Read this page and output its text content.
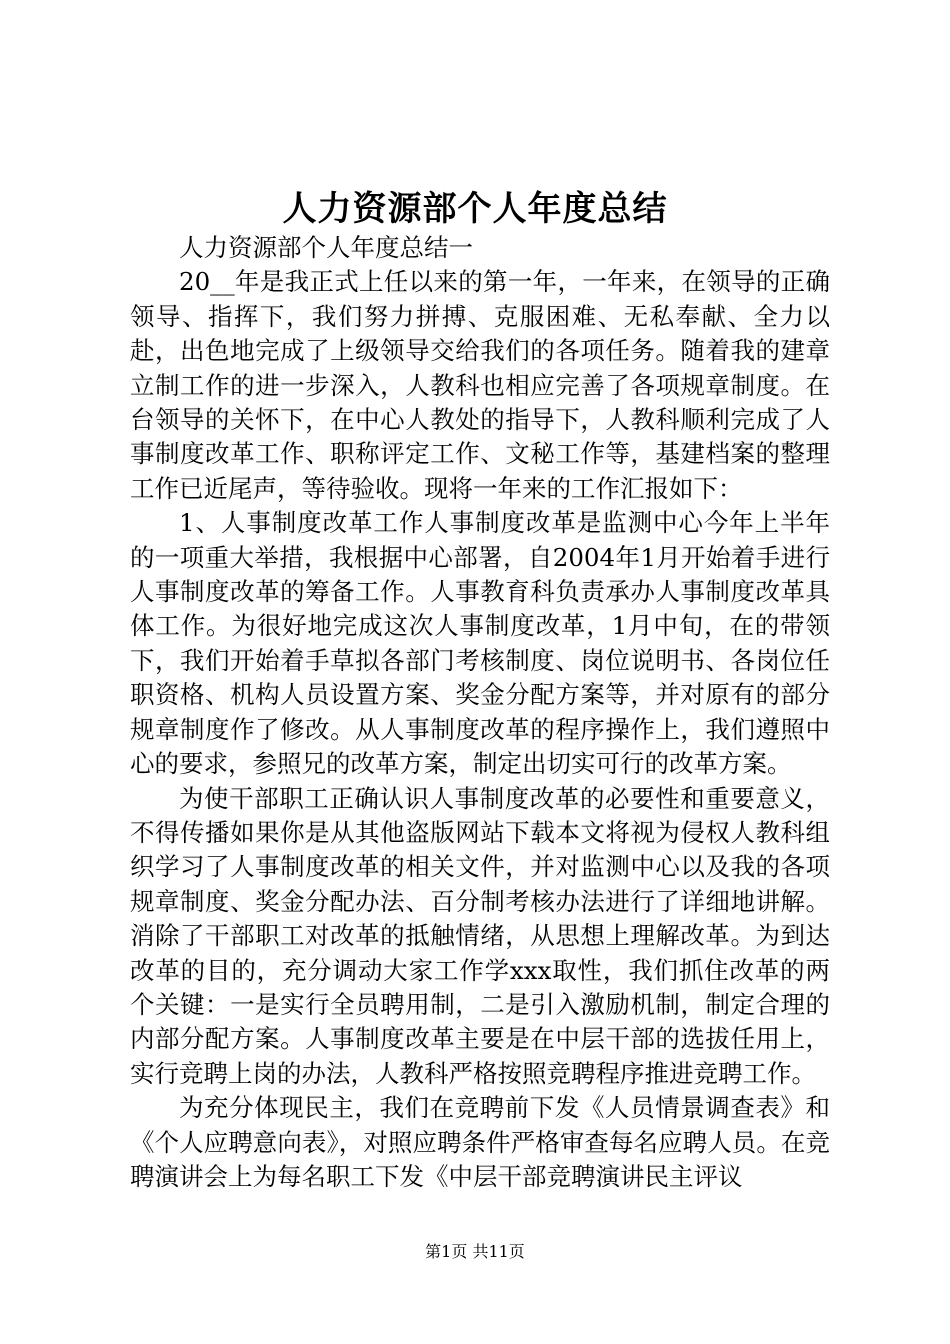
人力资源部个人年度总结

人力资源部个人年度总结一

20__年是我正式上任以来的第一年，一年来，在领导的正确领导、指挥下，我们努力拼搏、克服困难、无私奉献、全力以赴，出色地完成了上级领导交给我们的各项任务。随着我的建章立制工作的进一步深入，人教科也相应完善了各项规章制度。在台领导的关怀下，在中心人教处的指导下，人教科顺利完成了人事制度改革工作、职称评定工作、文秘工作等，基建档案的整理工作已近尾声，等待验收。现将一年来的工作汇报如下：

1、人事制度改革工作人事制度改革是监测中心今年上半年的一项重大举措，我根据中心部署，自2004年1月开始着手进行人事制度改革的筹备工作。人事教育科负责承办人事制度改革具体工作。为很好地完成这次人事制度改革，1月中旬，在的带领下，我们开始着手草拟各部门考核制度、岗位说明书、各岗位任职资格、机构人员设置方案、奖金分配方案等，并对原有的部分规章制度作了修改。从人事制度改革的程序操作上，我们遵照中心的要求，参照兄的改革方案，制定出切实可行的改革方案。

为使干部职工正确认识人事制度改革的必要性和重要意义，不得传播如果你是从其他盗版网站下载本文将视为侵权人教科组织学习了人事制度改革的相关文件，并对监测中心以及我的各项规章制度、奖金分配办法、百分制考核办法进行了详细地讲解。消除了干部职工对改革的抵触情绪，从思想上理解改革。为到达改革的目的，充分调动大家工作学xxx取性，我们抓住改革的两个关键：一是实行全员聘用制，二是引入激励机制，制定合理的内部分配方案。人事制度改革主要是在中层干部的选拔任用上，实行竞聘上岗的办法，人教科严格按照竞聘程序推进竞聘工作。

为充分体现民主，我们在竞聘前下发《人员情景调查表》和《个人应聘意向表》，对照应聘条件严格审查每名应聘人员。在竞聘演讲会上为每名职工下发《中层干部竞聘演讲民主评议

第1页 共11页
